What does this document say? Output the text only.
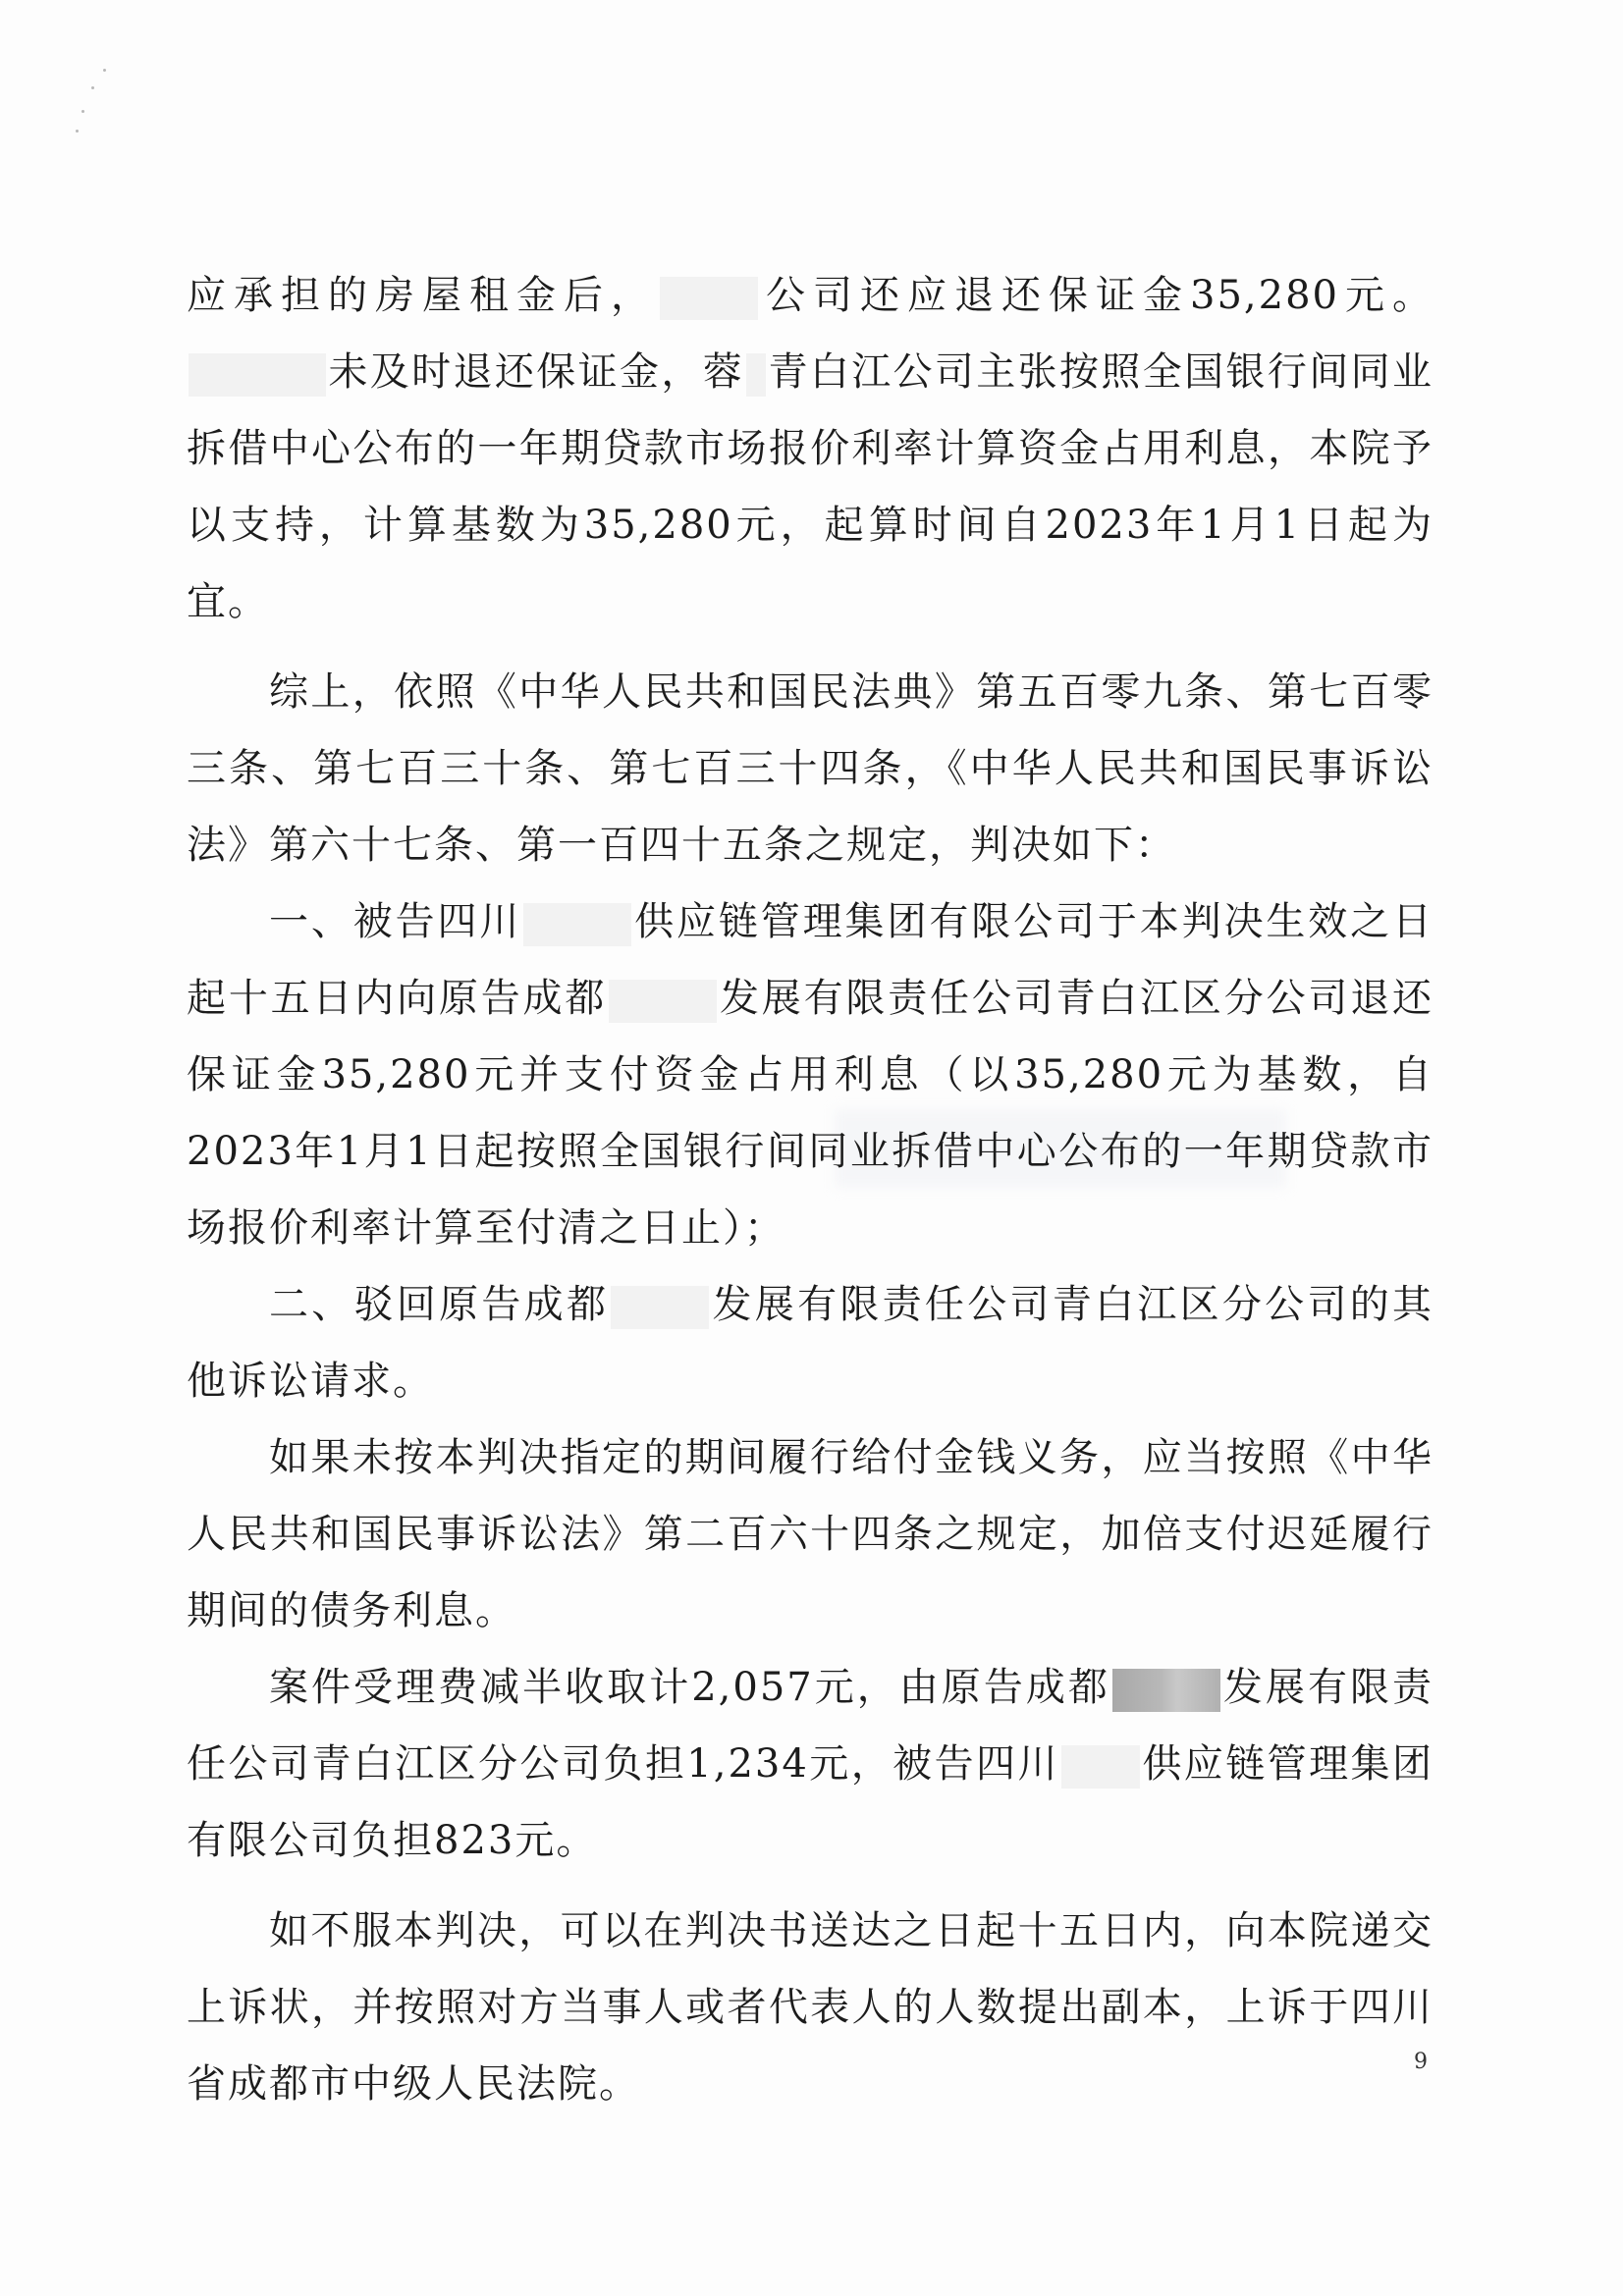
应承担的房屋租金后，	公司还应退还保证金35,280元。未及时退还保证金，蓉 青白江公司主张按照全国银行间同业拆借中心公布的一年期贷款市场报价利率计算资金占用利息，本院予以支持，计算基数为35,280元，起算时间自2023年1月1日起为宜。

综上，依照《中华人民共和国民法典》第五百零九条、第七百零三条、第七百三十条、第七百三十四条，《中华人民共和国民事诉讼法》第六十七条、第一百四十五条之规定，判决如下：

一、被告四川	供应链管理集团有限公司于本判决生效之日起十五日内向原告成都	发展有限责任公司青白江区分公司退还保证金35,280元并支付资金占用利息（以35,280元为基数，自2023年1月1日起按照全国银行间同业拆借中心公布的一年期贷款市场报价利率计算至付清之日止）；

二、驳回原告成都	发展有限责任公司青白江区分公司的其他诉讼请求。

如果未按本判决指定的期间履行给付金钱义务，应当按照《中华人民共和国民事诉讼法》第二百六十四条之规定，加倍支付迟延履行期间的债务利息。

案件受理费减半收取计2,057元，由原告成都	发展有限责任公司青白江区分公司负担1,234元，被告四川 供应链管理集团有限公司负担823元。

如不服本判决，可以在判决书送达之日起十五日内，向本院递交上诉状，并按照对方当事人或者代表人的人数提出副本，上诉于四川省成都市中级人民法院。	9
